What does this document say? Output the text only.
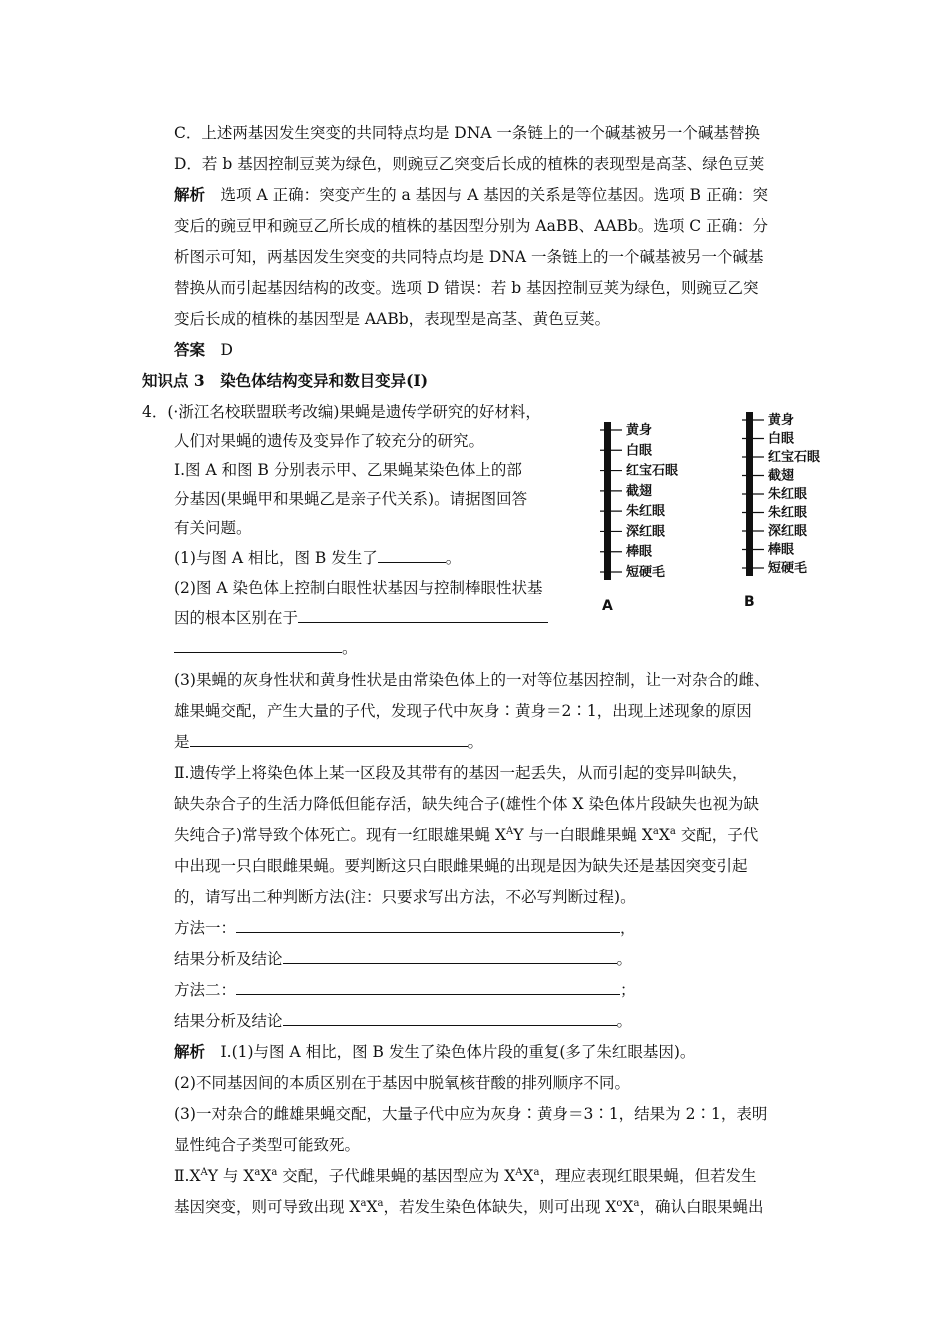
C．上述两基因发生突变的共同特点均是 DNA 一条链上的一个碱基被另一个碱基替换
D．若 b 基因控制豆荚为绿色，则豌豆乙突变后长成的植株的表现型是高茎、绿色豆荚
解析　 选项 A 正确：突变产生的 a 基因与 A 基因的关系是等位基因。选项 B 正确：突
变后的豌豆甲和豌豆乙所长成的植株的基因型分别为 AaBB、AABb。选项 C 正确：分
析图示可知，两基因发生突变的共同特点均是 DNA 一条链上的一个碱基被另一个碱基
替换从而引起基因结构的改变。选项 D 错误：若 b 基因控制豆荚为绿色，则豌豆乙突
变后长成的植株的基因型是 AABb，表现型是高茎、黄色豆荚。
答案　 D
知识点 3　染色体结构变异和数目变异(Ⅰ)
4．(·浙江名校联盟联考改编)果蝇是遗传学研究的好材料，
人们对果蝇的遗传及变异作了较充分的研究。
Ⅰ.图 A 和图 B 分别表示甲、乙果蝇某染色体上的部
分基因(果蝇甲和果蝇乙是亲子代关系)。请据图回答
有关问题。
(1)与图 A 相比，图 B 发生了	。
(2)图 A 染色体上控制白眼性状基因与控制棒眼性状基
因的根本区别在于
。
黄身
白眼
红宝石眼
截翅
朱红眼
深红眼
棒眼
短硬毛
A
黄身
白眼
红宝石眼
截翅
朱红眼
朱红眼
深红眼
棒眼
短硬毛
B
(3)果蝇的灰身性状和黄身性状是由常染色体上的一对等位基因控制，让一对杂合的雌、
雄果蝇交配，产生大量的子代，发现子代中灰身∶黄身＝2∶1，出现上述现象的原因
是	。
Ⅱ.遗传学上将染色体上某一区段及其带有的基因一起丢失，从而引起的变异叫缺失，
缺失杂合子的生活力降低但能存活，缺失纯合子(雄性个体 X 染色体片段缺失也视为缺
失纯合子)常导致个体死亡。现有一红眼雄果蝇 $X^AY$ 与一白眼雌果蝇 $X^aX^a$ 交配，子代
中出现一只白眼雌果蝇。要判断这只白眼雌果蝇的出现是因为缺失还是基因突变引起
的，请写出二种判断方法(注：只要求写出方法，不必写判断过程)。
方法一：	，
结果分析及结论	。
方法二：	；
结果分析及结论	。
解析　 Ⅰ.(1)与图 A 相比，图 B 发生了染色体片段的重复(多了朱红眼基因)。
(2)不同基因间的本质区别在于基因中脱氧核苷酸的排列顺序不同。
(3)一对杂合的雌雄果蝇交配，大量子代中应为灰身∶黄身＝3∶1，结果为 2∶1，表明
显性纯合子类型可能致死。
$Ⅱ.X^AY$ 与 $X^aX^a$ 交配，子代雌果蝇的基因型应为 $X^AX^a$，理应表现红眼果蝇，但若发生
基因突变，则可导致出现 $X^aX^a$，若发生染色体缺失，则可出现 $X^oX^a$，确认白眼果蝇出
